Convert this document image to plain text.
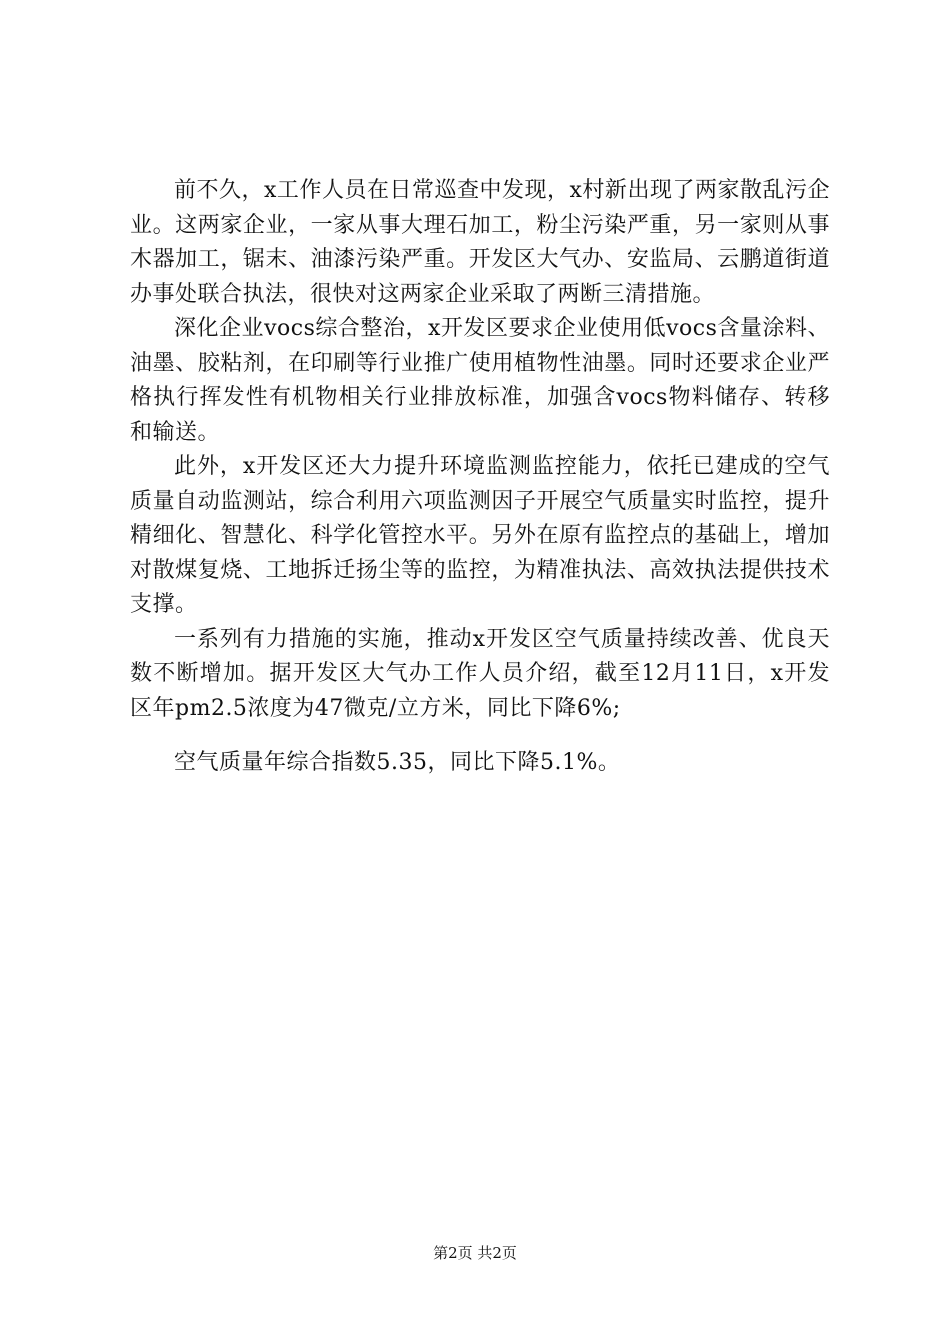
前不久，x工作人员在日常巡查中发现，x村新出现了两家散乱污企业。这两家企业，一家从事大理石加工，粉尘污染严重，另一家则从事木器加工，锯末、油漆污染严重。开发区大气办、安监局、云鹏道街道办事处联合执法，很快对这两家企业采取了两断三清措施。

深化企业vocs综合整治，x开发区要求企业使用低vocs含量涂料、油墨、胶粘剂，在印刷等行业推广使用植物性油墨。同时还要求企业严格执行挥发性有机物相关行业排放标准，加强含vocs物料储存、转移和输送。

此外，x开发区还大力提升环境监测监控能力，依托已建成的空气质量自动监测站，综合利用六项监测因子开展空气质量实时监控，提升精细化、智慧化、科学化管控水平。另外在原有监控点的基础上，增加对散煤复烧、工地拆迁扬尘等的监控，为精准执法、高效执法提供技术支撑。

一系列有力措施的实施，推动x开发区空气质量持续改善、优良天数不断增加。据开发区大气办工作人员介绍，截至12月11日，x开发区年pm2.5浓度为47微克/立方米，同比下降6%;

空气质量年综合指数5.35，同比下降5.1%。

第2页 共2页
